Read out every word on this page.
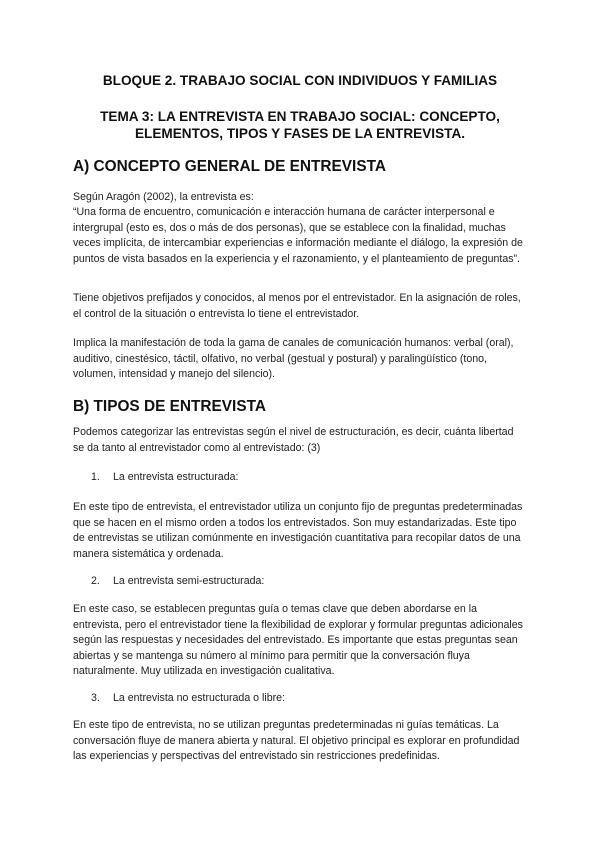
BLOQUE 2. TRABAJO SOCIAL CON INDIVIDUOS Y FAMILIAS
TEMA 3: LA ENTREVISTA EN TRABAJO SOCIAL: CONCEPTO,
ELEMENTOS, TIPOS Y FASES DE LA ENTREVISTA.
A) CONCEPTO GENERAL DE ENTREVISTA
Según Aragón (2002), la entrevista es:
“Una forma de encuentro, comunicación e interacción humana de carácter interpersonal e intergrupal (esto es, dos o más de dos personas), que se establece con la finalidad, muchas veces implícita, de intercambiar experiencias e información mediante el diálogo, la expresión de puntos de vista basados en la experiencia y el razonamiento, y el planteamiento de preguntas”.
Tiene objetivos prefijados y conocidos, al menos por el entrevistador. En la asignación de roles, el control de la situación o entrevista lo tiene el entrevistador.
Implica la manifestación de toda la gama de canales de comunicación humanos: verbal (oral), auditivo, cinestésico, táctil, olfativo, no verbal (gestual y postural) y paralingüístico (tono, volumen, intensidad y manejo del silencio).
B) TIPOS DE ENTREVISTA
Podemos categorizar las entrevistas según el nivel de estructuración, es decir, cuánta libertad se da tanto al entrevistador como al entrevistado: (3)
1. La entrevista estructurada:
En este tipo de entrevista, el entrevistador utiliza un conjunto fijo de preguntas predeterminadas que se hacen en el mismo orden a todos los entrevistados. Son muy estandarizadas. Este tipo de entrevistas se utilizan comúnmente en investigación cuantitativa para recopilar datos de una manera sistemática y ordenada.
2. La entrevista semi-estructurada:
En este caso, se establecen preguntas guía o temas clave que deben abordarse en la entrevista, pero el entrevistador tiene la flexibilidad de explorar y formular preguntas adicionales según las respuestas y necesidades del entrevistado. Es importante que estas preguntas sean abiertas y se mantenga su número al mínimo para permitir que la conversación fluya naturalmente. Muy utilizada en investigación cualitativa.
3. La entrevista no estructurada o libre:
En este tipo de entrevista, no se utilizan preguntas predeterminadas ni guías temáticas. La conversación fluye de manera abierta y natural. El objetivo principal es explorar en profundidad las experiencias y perspectivas del entrevistado sin restricciones predefinidas.
